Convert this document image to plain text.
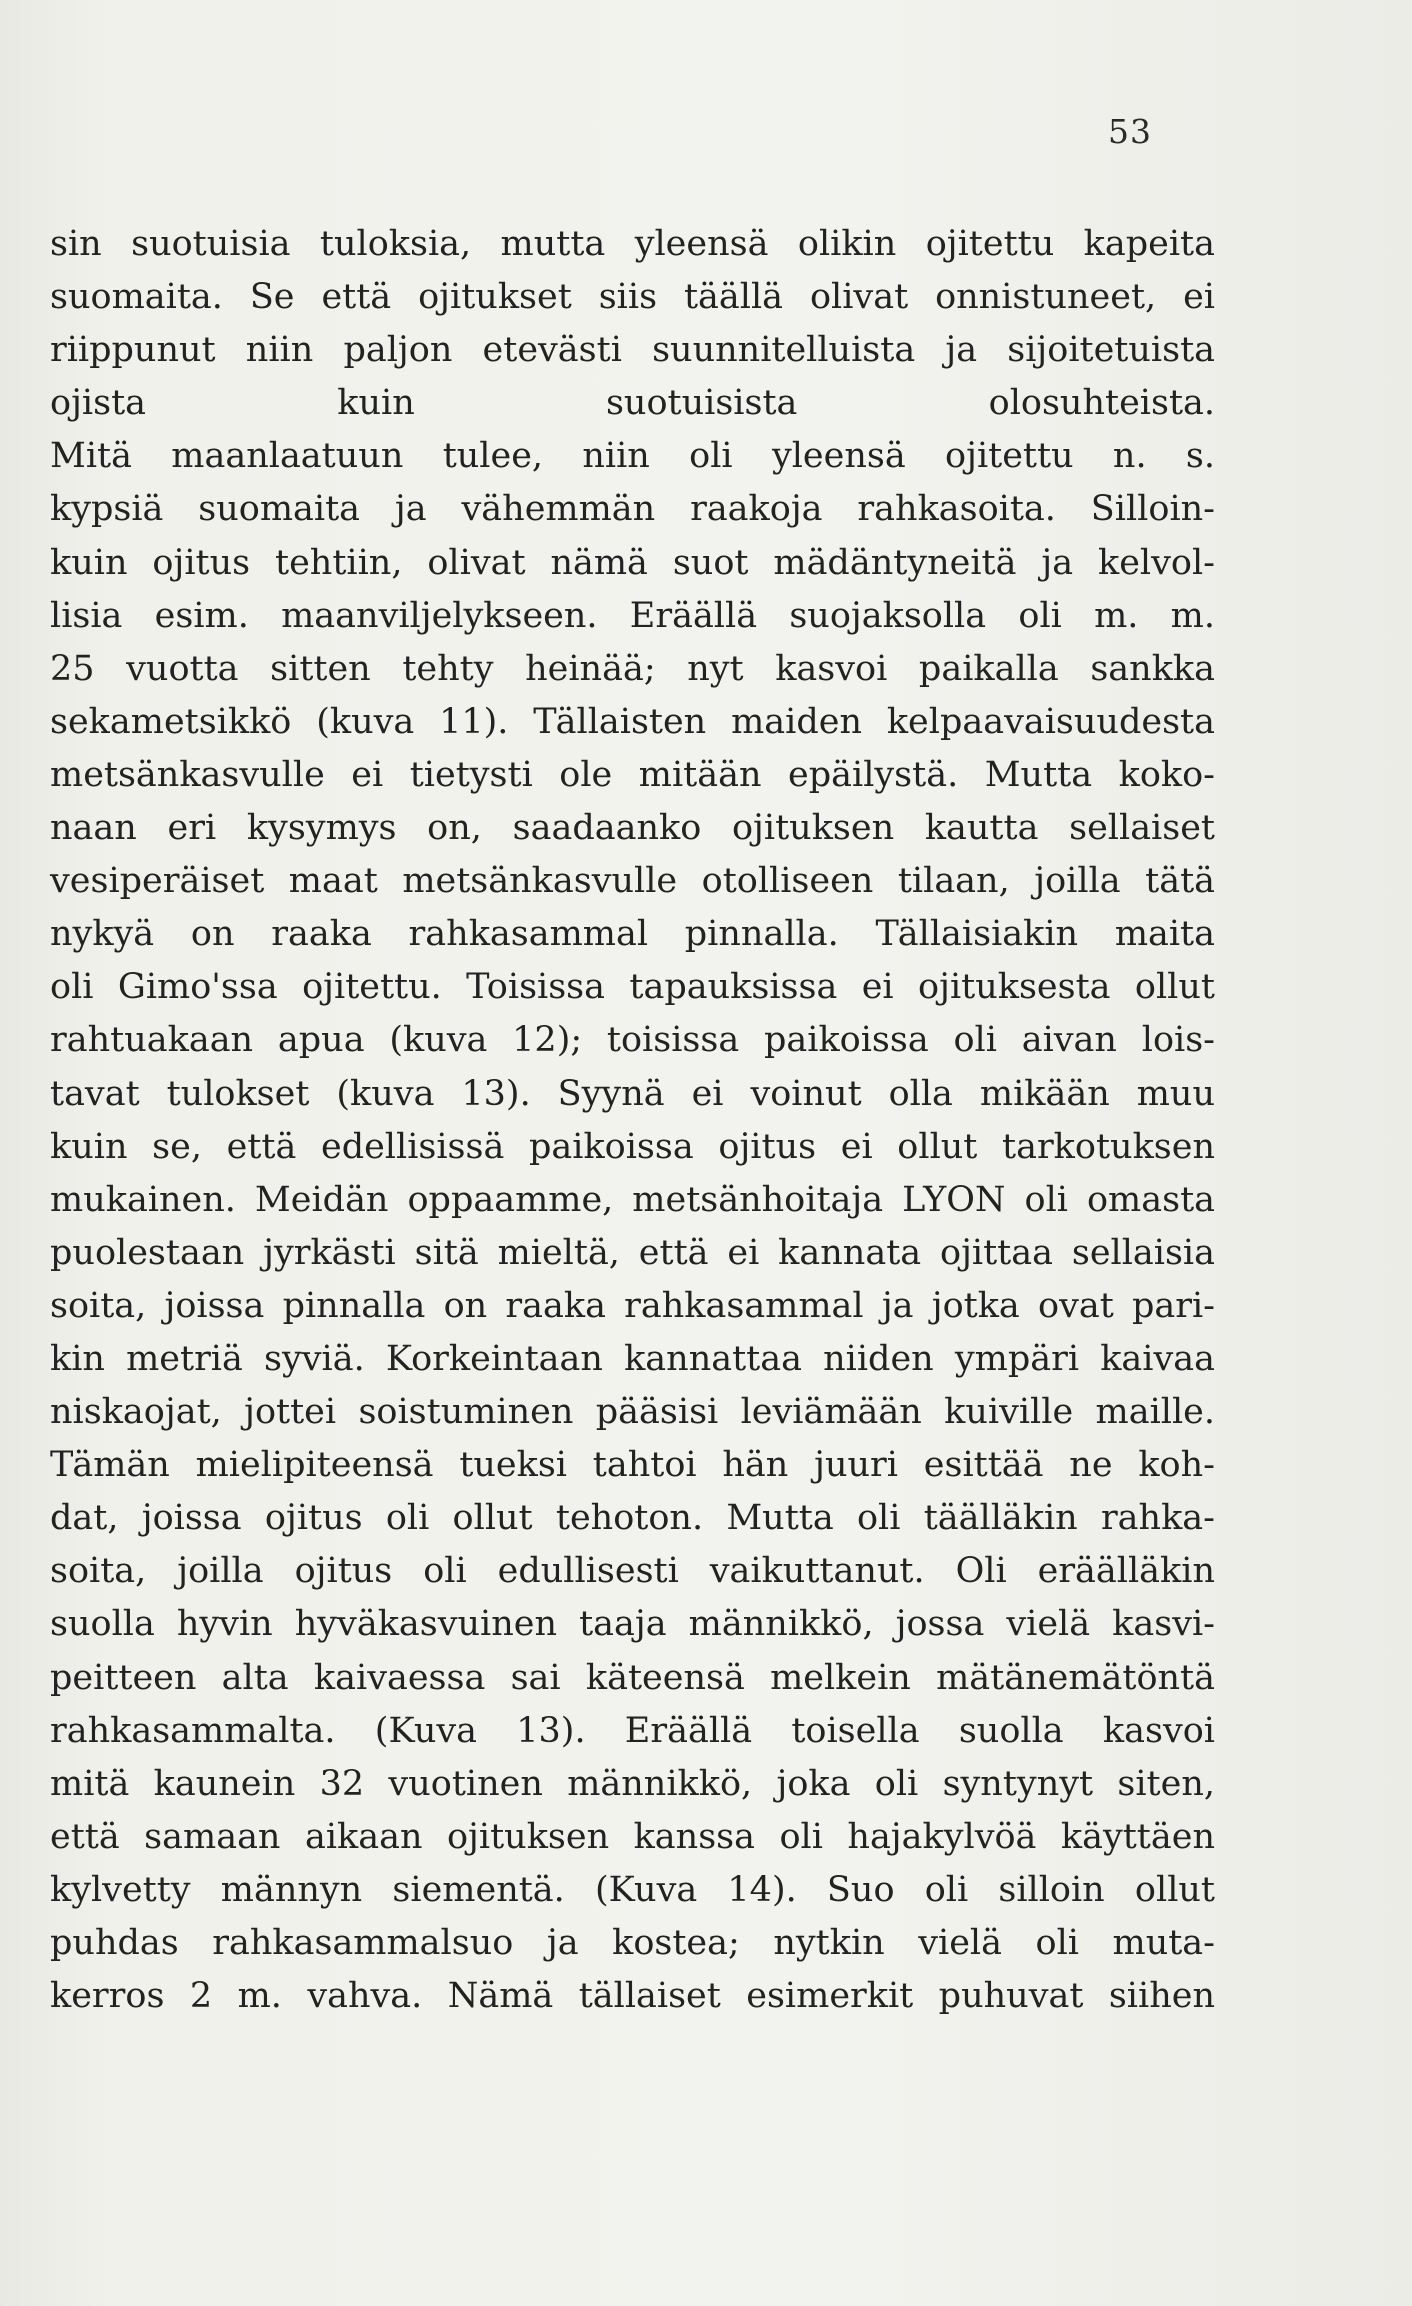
53
sin suotuisia tuloksia, mutta yleensä olikin ojitettu kapeita
suomaita. Se että ojitukset siis täällä olivat onnistuneet, ei
riippunut niin paljon etevästi suunnitelluista ja sijoitetuista
ojista kuin suotuisista olosuhteista.
Mitä maanlaatuun tulee, niin oli yleensä ojitettu n. s.
kypsiä suomaita ja vähemmän raakoja rahkasoita. Silloin-
kuin ojitus tehtiin, olivat nämä suot mädäntyneitä ja kelvol-
lisia esim. maanviljelykseen. Eräällä suojaksolla oli m. m.
25 vuotta sitten tehty heinää; nyt kasvoi paikalla sankka
sekametsikkö (kuva 11). Tällaisten maiden kelpaavaisuudesta
metsänkasvulle ei tietysti ole mitään epäilystä. Mutta koko-
naan eri kysymys on, saadaanko ojituksen kautta sellaiset
vesiperäiset maat metsänkasvulle otolliseen tilaan, joilla tätä
nykyä on raaka rahkasammal pinnalla. Tällaisiakin maita
oli Gimo'ssa ojitettu. Toisissa tapauksissa ei ojituksesta ollut
rahtuakaan apua (kuva 12); toisissa paikoissa oli aivan lois-
tavat tulokset (kuva 13). Syynä ei voinut olla mikään muu
kuin se, että edellisissä paikoissa ojitus ei ollut tarkotuksen
mukainen. Meidän oppaamme, metsänhoitaja LYON oli omasta
puolestaan jyrkästi sitä mieltä, että ei kannata ojittaa sellaisia
soita, joissa pinnalla on raaka rahkasammal ja jotka ovat pari-
kin metriä syviä. Korkeintaan kannattaa niiden ympäri kaivaa
niskaojat, jottei soistuminen pääsisi leviämään kuiville maille.
Tämän mielipiteensä tueksi tahtoi hän juuri esittää ne koh-
dat, joissa ojitus oli ollut tehoton. Mutta oli täälläkin rahka-
soita, joilla ojitus oli edullisesti vaikuttanut. Oli eräälläkin
suolla hyvin hyväkasvuinen taaja männikkö, jossa vielä kasvi-
peitteen alta kaivaessa sai käteensä melkein mätänemätöntä
rahkasammalta. (Kuva 13). Eräällä toisella suolla kasvoi
mitä kaunein 32 vuotinen männikkö, joka oli syntynyt siten,
että samaan aikaan ojituksen kanssa oli hajakylvöä käyttäen
kylvetty männyn siementä. (Kuva 14). Suo oli silloin ollut
puhdas rahkasammalsuo ja kostea; nytkin vielä oli muta-
kerros 2 m. vahva. Nämä tällaiset esimerkit puhuvat siihen
